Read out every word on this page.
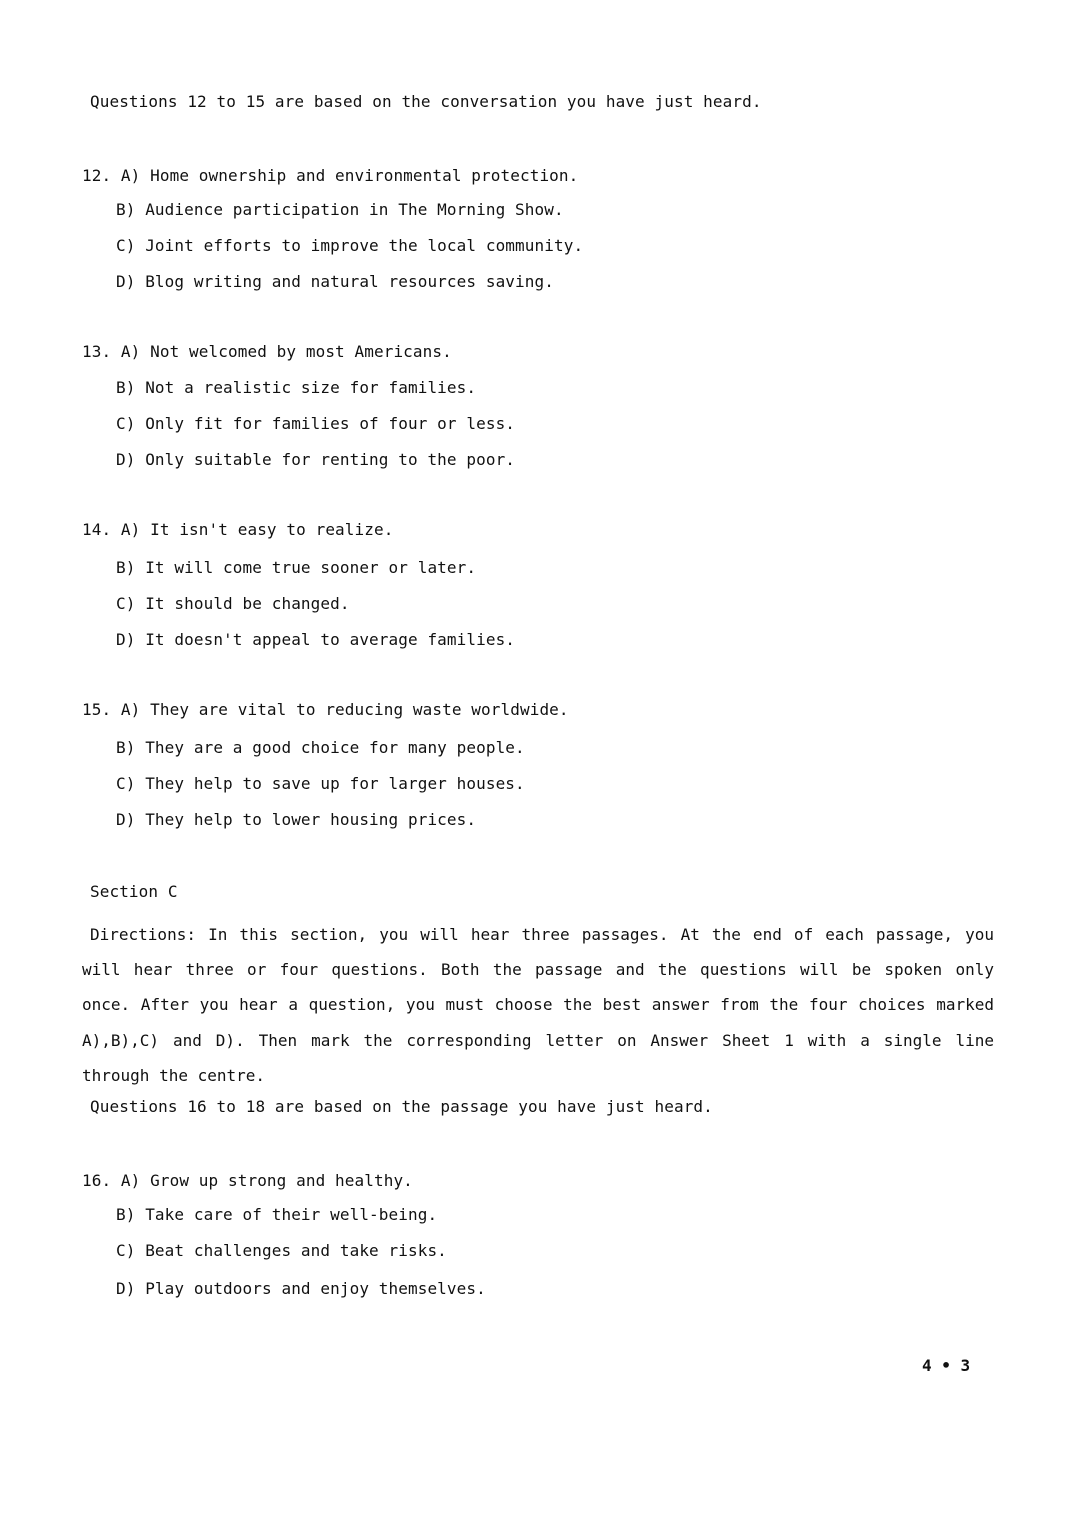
Questions 12 to 15 are based on the conversation you have just heard.
12. A) Home ownership and environmental protection.
B) Audience participation in The Morning Show.
C) Joint efforts to improve the local community.
D) Blog writing and natural resources saving.
13. A) Not welcomed by most Americans.
B) Not a realistic size for families.
C) Only fit for families of four or less.
D) Only suitable for renting to the poor.
14. A) It isn't easy to realize.
B) It will come true sooner or later.
C) It should be changed.
D) It doesn't appeal to average families.
15. A) They are vital to reducing waste worldwide.
B) They are a good choice for many people.
C) They help to save up for larger houses.
D) They help to lower housing prices.
Section C

Directions: In this section, you will hear three passages. At the end of each passage, you will hear three or four questions. Both the passage and the questions will be spoken only once. After you hear a question, you must choose the best answer from the four choices marked A),B),C) and D). Then mark the corresponding letter on Answer Sheet 1 with a single line through the centre.

Questions 16 to 18 are based on the passage you have just heard.
16. A) Grow up strong and healthy.
B) Take care of their well-being.
C) Beat challenges and take risks.
D) Play outdoors and enjoy themselves.
4 • 3
